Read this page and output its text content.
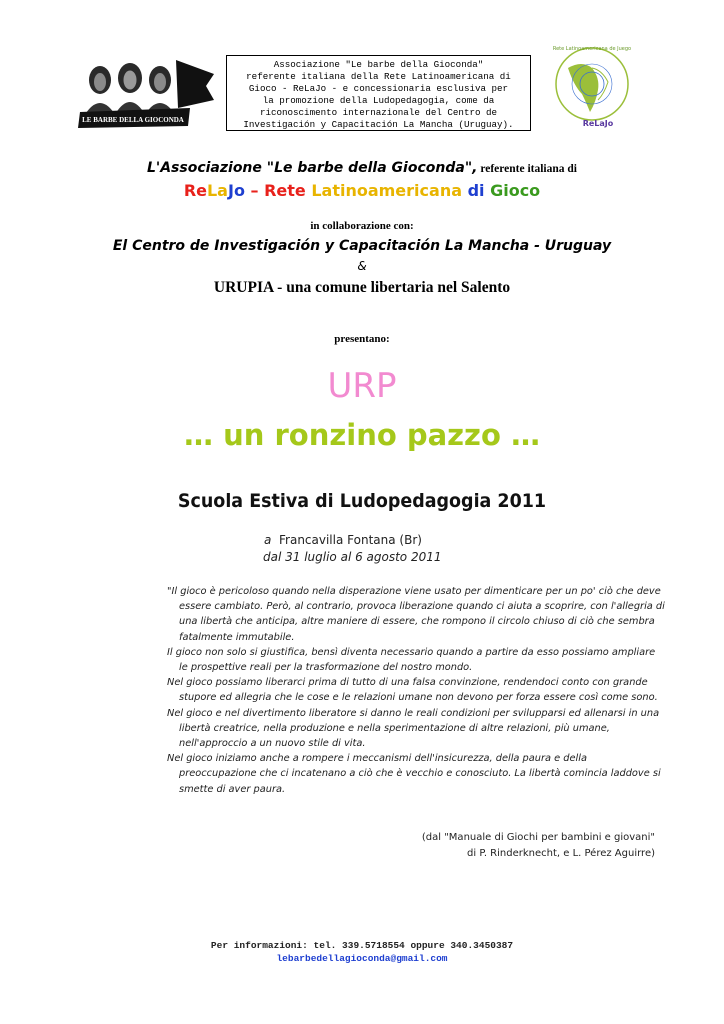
LE BARBE DELLA GIOCONDA
Associazione "Le barbe della Gioconda"
referente italiana della Rete Latinoamericana di
Gioco - ReLaJo - e concessionaria esclusiva per
la promozione della Ludopedagogia, come da
riconoscimento internazionale del Centro de
Investigación y Capacitación La Mancha (Uruguay).
Rete Latinoamericana de Juego
ReLaJo
L'Associazione "Le barbe della Gioconda", referente italiana di
ReLaJo – Rete Latinoamericana di Gioco
in collaborazione con:
El Centro de Investigación y Capacitación La Mancha - Uruguay
&
URUPIA - una comune libertaria nel Salento
presentano:
URP
… un ronzino pazzo …
Scuola Estiva di Ludopedagogia 2011
a Francavilla Fontana (Br)
dal 31 luglio al 6 agosto 2011

"Il gioco è pericoloso quando nella disperazione viene usato per dimenticare per un po' ciò che deve essere cambiato. Però, al contrario, provoca liberazione quando ci aiuta a scoprire, con l'allegria di una libertà che anticipa, altre maniere di essere, che rompono il circolo chiuso di ciò che sembra fatalmente immutabile.

Il gioco non solo si giustifica, bensì diventa necessario quando a partire da esso possiamo ampliare le prospettive reali per la trasformazione del nostro mondo.

Nel gioco possiamo liberarci prima di tutto di una falsa convinzione, rendendoci conto con grande stupore ed allegria che le cose e le relazioni umane non devono per forza essere così come sono.

Nel gioco e nel divertimento liberatore si danno le reali condizioni per svilupparsi ed allenarsi in una libertà creatrice, nella produzione e nella sperimentazione di altre relazioni, più umane, nell'approccio a un nuovo stile di vita.

Nel gioco iniziamo anche a rompere i meccanismi dell'insicurezza, della paura e della preoccupazione che ci incatenano a ciò che è vecchio e conosciuto. La libertà comincia laddove si smette di aver paura.

(dal "Manuale di Giochi per bambini e giovani"
di P. Rinderknecht, e L. Pérez Aguirre)
Per informazioni: tel. 339.5718554 oppure 340.3450387
lebarbedellagioconda@gmail.com
